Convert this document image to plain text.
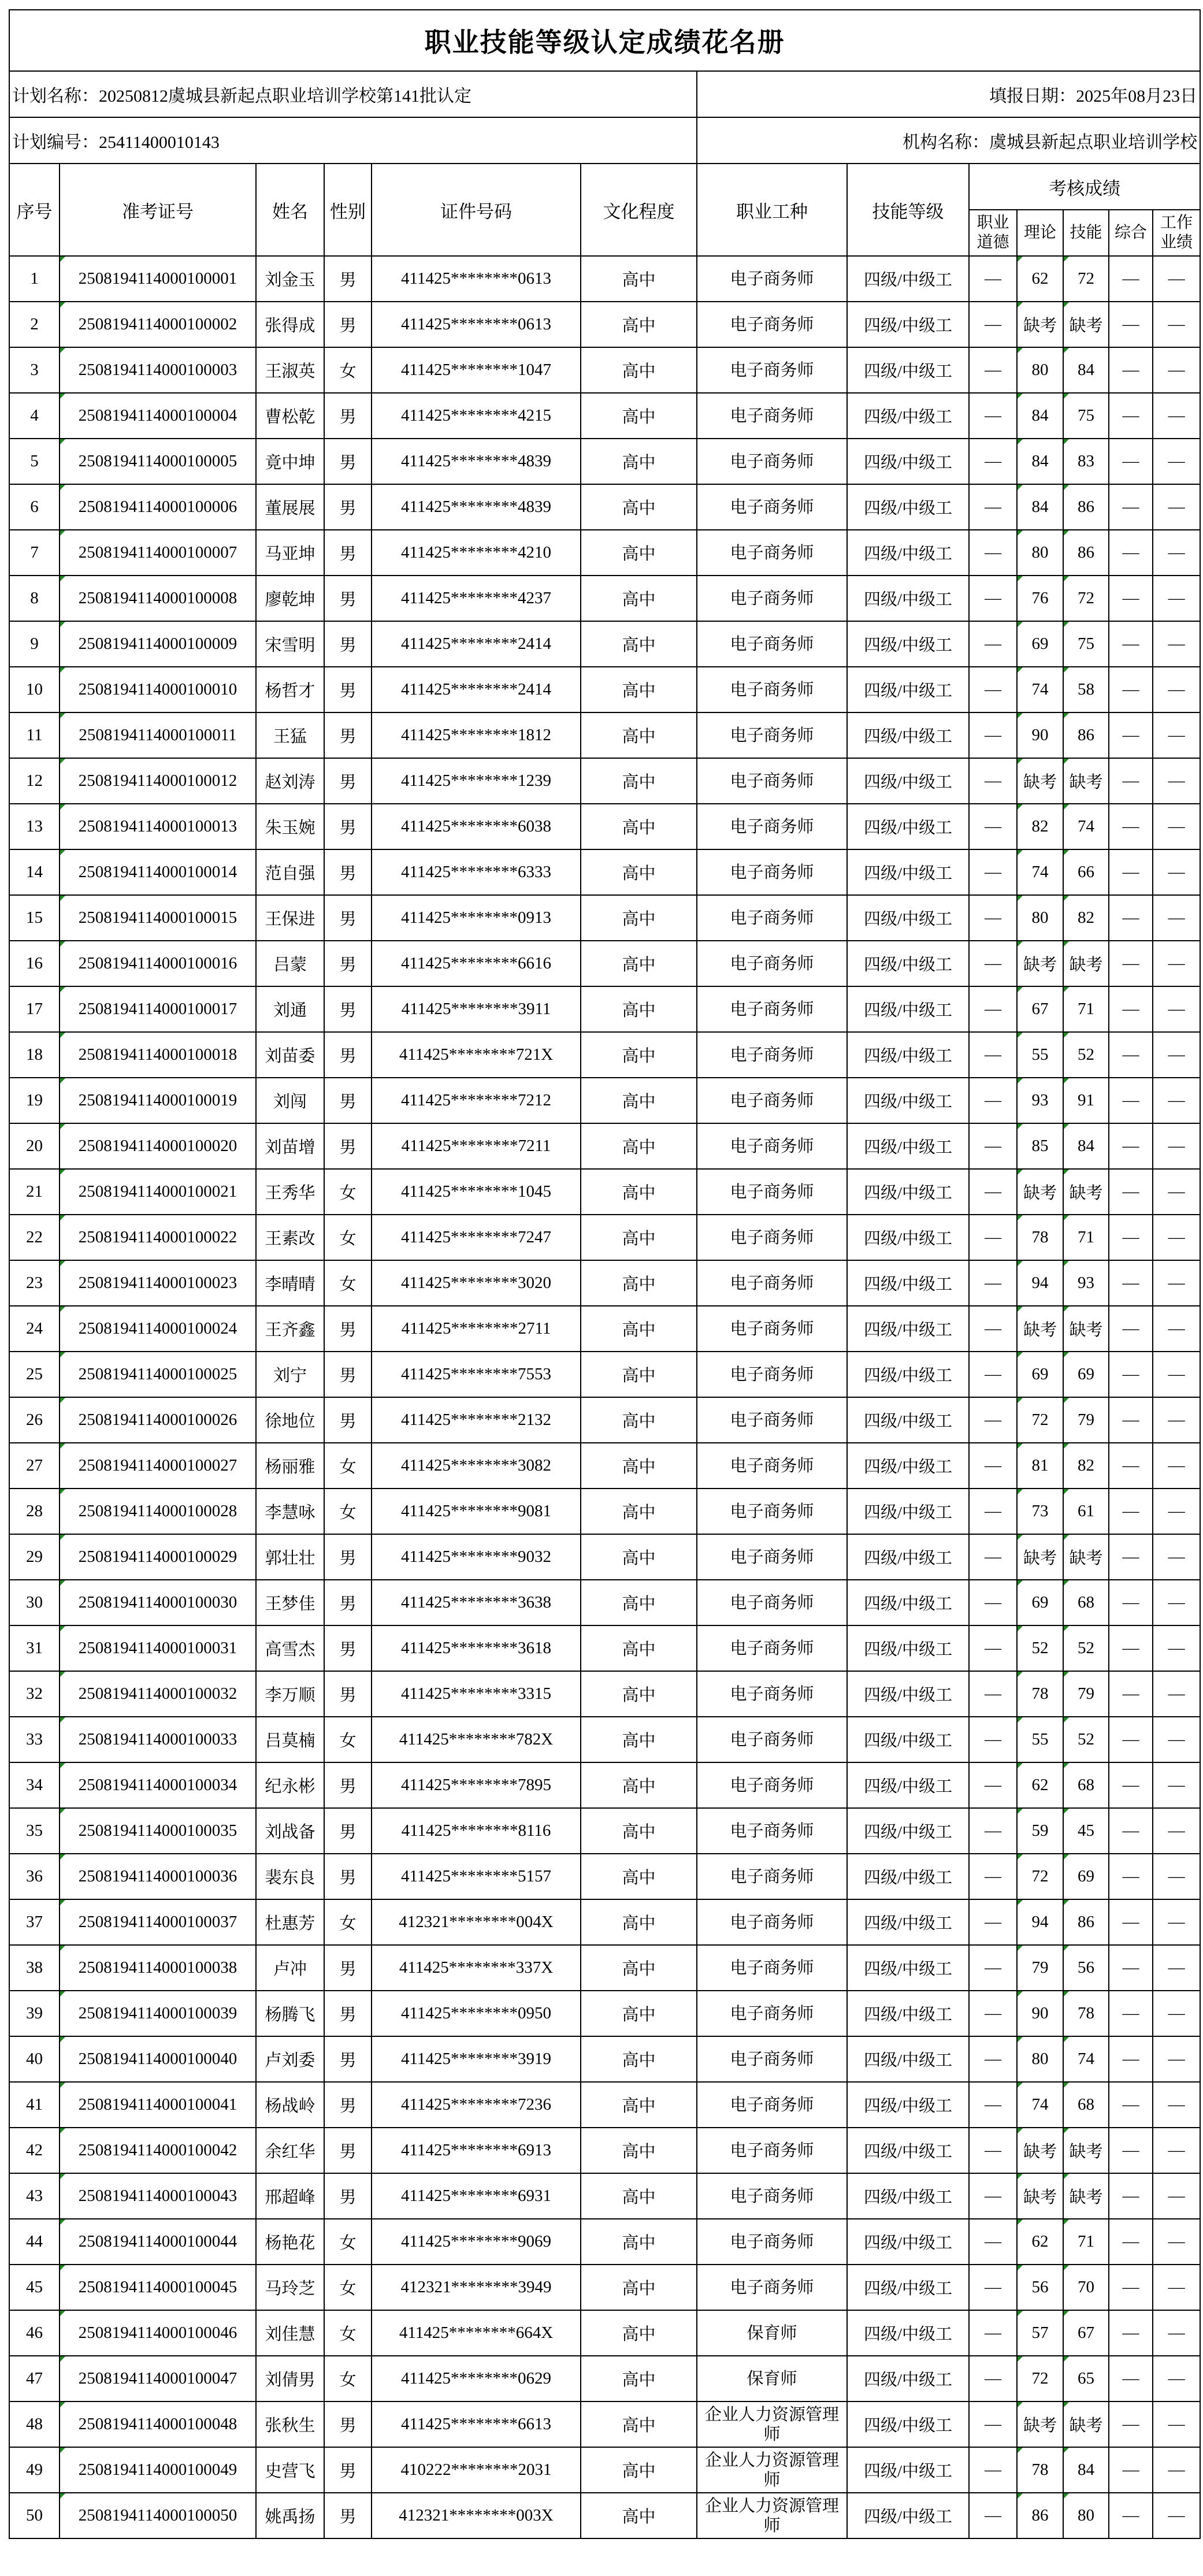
职业技能等级认定成绩花名册												
计划名称：20250812虞城县新起点职业培训学校第141批认定						填报日期：2025年08月23日						
计划编号：25411400010143						机构名称：虞城县新起点职业培训学校						
序号	准考证号	姓名	性别	证件号码	文化程度	职业工种	技能等级	考核成绩				
								职业道德	理论	技能	综合	工作业绩
1	2508194114000100001	刘金玉	男	411425********0613	高中	电子商务师	四级/中级工	—	62	72	—	—
2	2508194114000100002	张得成	男	411425********0613	高中	电子商务师	四级/中级工	—	缺考	缺考	—	—
3	2508194114000100003	王淑英	女	411425********1047	高中	电子商务师	四级/中级工	—	80	84	—	—
4	2508194114000100004	曹松乾	男	411425********4215	高中	电子商务师	四级/中级工	—	84	75	—	—
5	2508194114000100005	竟中坤	男	411425********4839	高中	电子商务师	四级/中级工	—	84	83	—	—
6	2508194114000100006	董展展	男	411425********4839	高中	电子商务师	四级/中级工	—	84	86	—	—
7	2508194114000100007	马亚坤	男	411425********4210	高中	电子商务师	四级/中级工	—	80	86	—	—
8	2508194114000100008	廖乾坤	男	411425********4237	高中	电子商务师	四级/中级工	—	76	72	—	—
9	2508194114000100009	宋雪明	男	411425********2414	高中	电子商务师	四级/中级工	—	69	75	—	—
10	2508194114000100010	杨哲才	男	411425********2414	高中	电子商务师	四级/中级工	—	74	58	—	—
11	2508194114000100011	王猛	男	411425********1812	高中	电子商务师	四级/中级工	—	90	86	—	—
12	2508194114000100012	赵刘涛	男	411425********1239	高中	电子商务师	四级/中级工	—	缺考	缺考	—	—
13	2508194114000100013	朱玉婉	男	411425********6038	高中	电子商务师	四级/中级工	—	82	74	—	—
14	2508194114000100014	范自强	男	411425********6333	高中	电子商务师	四级/中级工	—	74	66	—	—
15	2508194114000100015	王保进	男	411425********0913	高中	电子商务师	四级/中级工	—	80	82	—	—
16	2508194114000100016	吕蒙	男	411425********6616	高中	电子商务师	四级/中级工	—	缺考	缺考	—	—
17	2508194114000100017	刘通	男	411425********3911	高中	电子商务师	四级/中级工	—	67	71	—	—
18	2508194114000100018	刘苗委	男	411425********721X	高中	电子商务师	四级/中级工	—	55	52	—	—
19	2508194114000100019	刘闯	男	411425********7212	高中	电子商务师	四级/中级工	—	93	91	—	—
20	2508194114000100020	刘苗增	男	411425********7211	高中	电子商务师	四级/中级工	—	85	84	—	—
21	2508194114000100021	王秀华	女	411425********1045	高中	电子商务师	四级/中级工	—	缺考	缺考	—	—
22	2508194114000100022	王素改	女	411425********7247	高中	电子商务师	四级/中级工	—	78	71	—	—
23	2508194114000100023	李晴晴	女	411425********3020	高中	电子商务师	四级/中级工	—	94	93	—	—
24	2508194114000100024	王齐鑫	男	411425********2711	高中	电子商务师	四级/中级工	—	缺考	缺考	—	—
25	2508194114000100025	刘宁	男	411425********7553	高中	电子商务师	四级/中级工	—	69	69	—	—
26	2508194114000100026	徐地位	男	411425********2132	高中	电子商务师	四级/中级工	—	72	79	—	—
27	2508194114000100027	杨丽雅	女	411425********3082	高中	电子商务师	四级/中级工	—	81	82	—	—
28	2508194114000100028	李慧咏	女	411425********9081	高中	电子商务师	四级/中级工	—	73	61	—	—
29	2508194114000100029	郭壮壮	男	411425********9032	高中	电子商务师	四级/中级工	—	缺考	缺考	—	—
30	2508194114000100030	王梦佳	男	411425********3638	高中	电子商务师	四级/中级工	—	69	68	—	—
31	2508194114000100031	高雪杰	男	411425********3618	高中	电子商务师	四级/中级工	—	52	52	—	—
32	2508194114000100032	李万顺	男	411425********3315	高中	电子商务师	四级/中级工	—	78	79	—	—
33	2508194114000100033	吕莫楠	女	411425********782X	高中	电子商务师	四级/中级工	—	55	52	—	—
34	2508194114000100034	纪永彬	男	411425********7895	高中	电子商务师	四级/中级工	—	62	68	—	—
35	2508194114000100035	刘战备	男	411425********8116	高中	电子商务师	四级/中级工	—	59	45	—	—
36	2508194114000100036	裴东良	男	411425********5157	高中	电子商务师	四级/中级工	—	72	69	—	—
37	2508194114000100037	杜惠芳	女	412321********004X	高中	电子商务师	四级/中级工	—	94	86	—	—
38	2508194114000100038	卢冲	男	411425********337X	高中	电子商务师	四级/中级工	—	79	56	—	—
39	2508194114000100039	杨腾飞	男	411425********0950	高中	电子商务师	四级/中级工	—	90	78	—	—
40	2508194114000100040	卢刘委	男	411425********3919	高中	电子商务师	四级/中级工	—	80	74	—	—
41	2508194114000100041	杨战岭	男	411425********7236	高中	电子商务师	四级/中级工	—	74	68	—	—
42	2508194114000100042	余红华	男	411425********6913	高中	电子商务师	四级/中级工	—	缺考	缺考	—	—
43	2508194114000100043	邢超峰	男	411425********6931	高中	电子商务师	四级/中级工	—	缺考	缺考	—	—
44	2508194114000100044	杨艳花	女	411425********9069	高中	电子商务师	四级/中级工	—	62	71	—	—
45	2508194114000100045	马玲芝	女	412321********3949	高中	电子商务师	四级/中级工	—	56	70	—	—
46	2508194114000100046	刘佳慧	女	411425********664X	高中	保育师	四级/中级工	—	57	67	—	—
47	2508194114000100047	刘倩男	女	411425********0629	高中	保育师	四级/中级工	—	72	65	—	—
48	2508194114000100048	张秋生	男	411425********6613	高中	企业人力资源管理师	四级/中级工	—	缺考	缺考	—	—
49	2508194114000100049	史营飞	男	410222********2031	高中	企业人力资源管理师	四级/中级工	—	78	84	—	—
50	2508194114000100050	姚禹扬	男	412321********003X	高中	企业人力资源管理师	四级/中级工	—	86	80	—	—
